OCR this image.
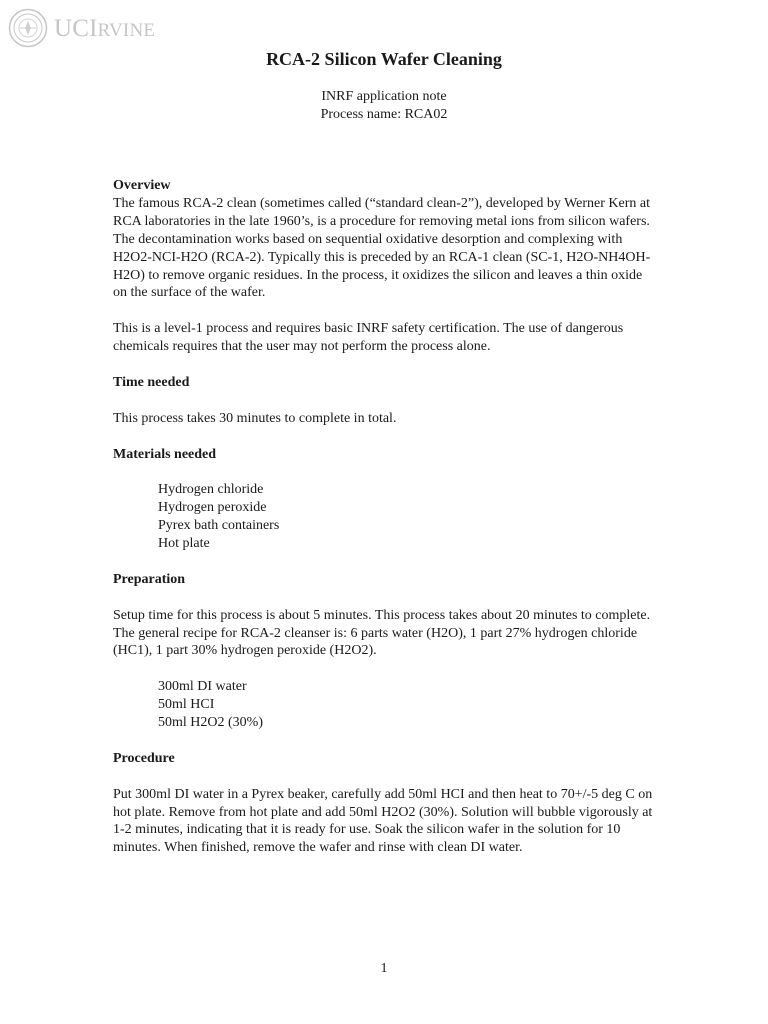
UCIRVINE
RCA-2 Silicon Wafer Cleaning
INRF application note
Process name: RCA02
Overview

The famous RCA-2 clean (sometimes called (“standard clean-2”), developed by Werner Kern at RCA laboratories in the late 1960’s, is a procedure for removing metal ions from silicon wafers. The decontamination works based on sequential oxidative desorption and complexing with H2O2-NCI-H2O (RCA-2). Typically this is preceded by an RCA-1 clean (SC-1, H2O-NH4OH-H2O) to remove organic residues. In the process, it oxidizes the silicon and leaves a thin oxide on the surface of the wafer.

This is a level-1 process and requires basic INRF safety certification. The use of dangerous chemicals requires that the user may not perform the process alone.

Time needed

This process takes 30 minutes to complete in total.

Materials needed
Hydrogen chloride
Hydrogen peroxide
Pyrex bath containers
Hot plate
Preparation

Setup time for this process is about 5 minutes. This process takes about 20 minutes to complete. The general recipe for RCA-2 cleanser is: 6 parts water (H2O), 1 part 27% hydrogen chloride (HC1), 1 part 30% hydrogen peroxide (H2O2).

300ml DI water
50ml HCI
50ml H2O2 (30%)
Procedure

Put 300ml DI water in a Pyrex beaker, carefully add 50ml HCI and then heat to 70+/-5 deg C on hot plate. Remove from hot plate and add 50ml H2O2 (30%). Solution will bubble vigorously at 1-2 minutes, indicating that it is ready for use. Soak the silicon wafer in the solution for 10 minutes. When finished, remove the wafer and rinse with clean DI water.

1
